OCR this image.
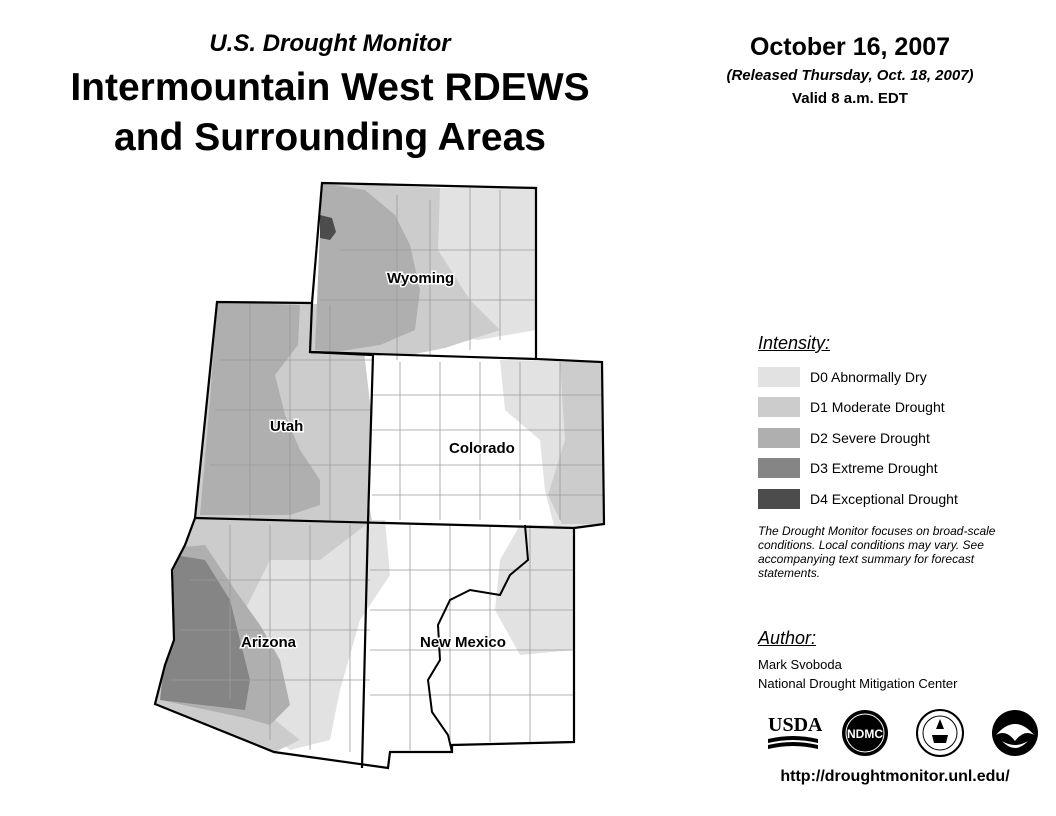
U.S. Drought Monitor
Intermountain West RDEWS
and Surrounding Areas
October 16, 2007
(Released Thursday, Oct. 18, 2007)
Valid 8 a.m. EDT
Wyoming
Utah
Colorado
Arizona	New Mexico
Intensity:
D0 Abnormally Dry
D1 Moderate Drought
D2 Severe Drought
D3 Extreme Drought
D4 Exceptional Drought
The Drought Monitor focuses on broad-scale conditions. Local conditions may vary. See accompanying text summary for forecast statements.
Author:
Mark Svoboda
National Drought Mitigation Center
USDA NDMC
http://droughtmonitor.unl.edu/
